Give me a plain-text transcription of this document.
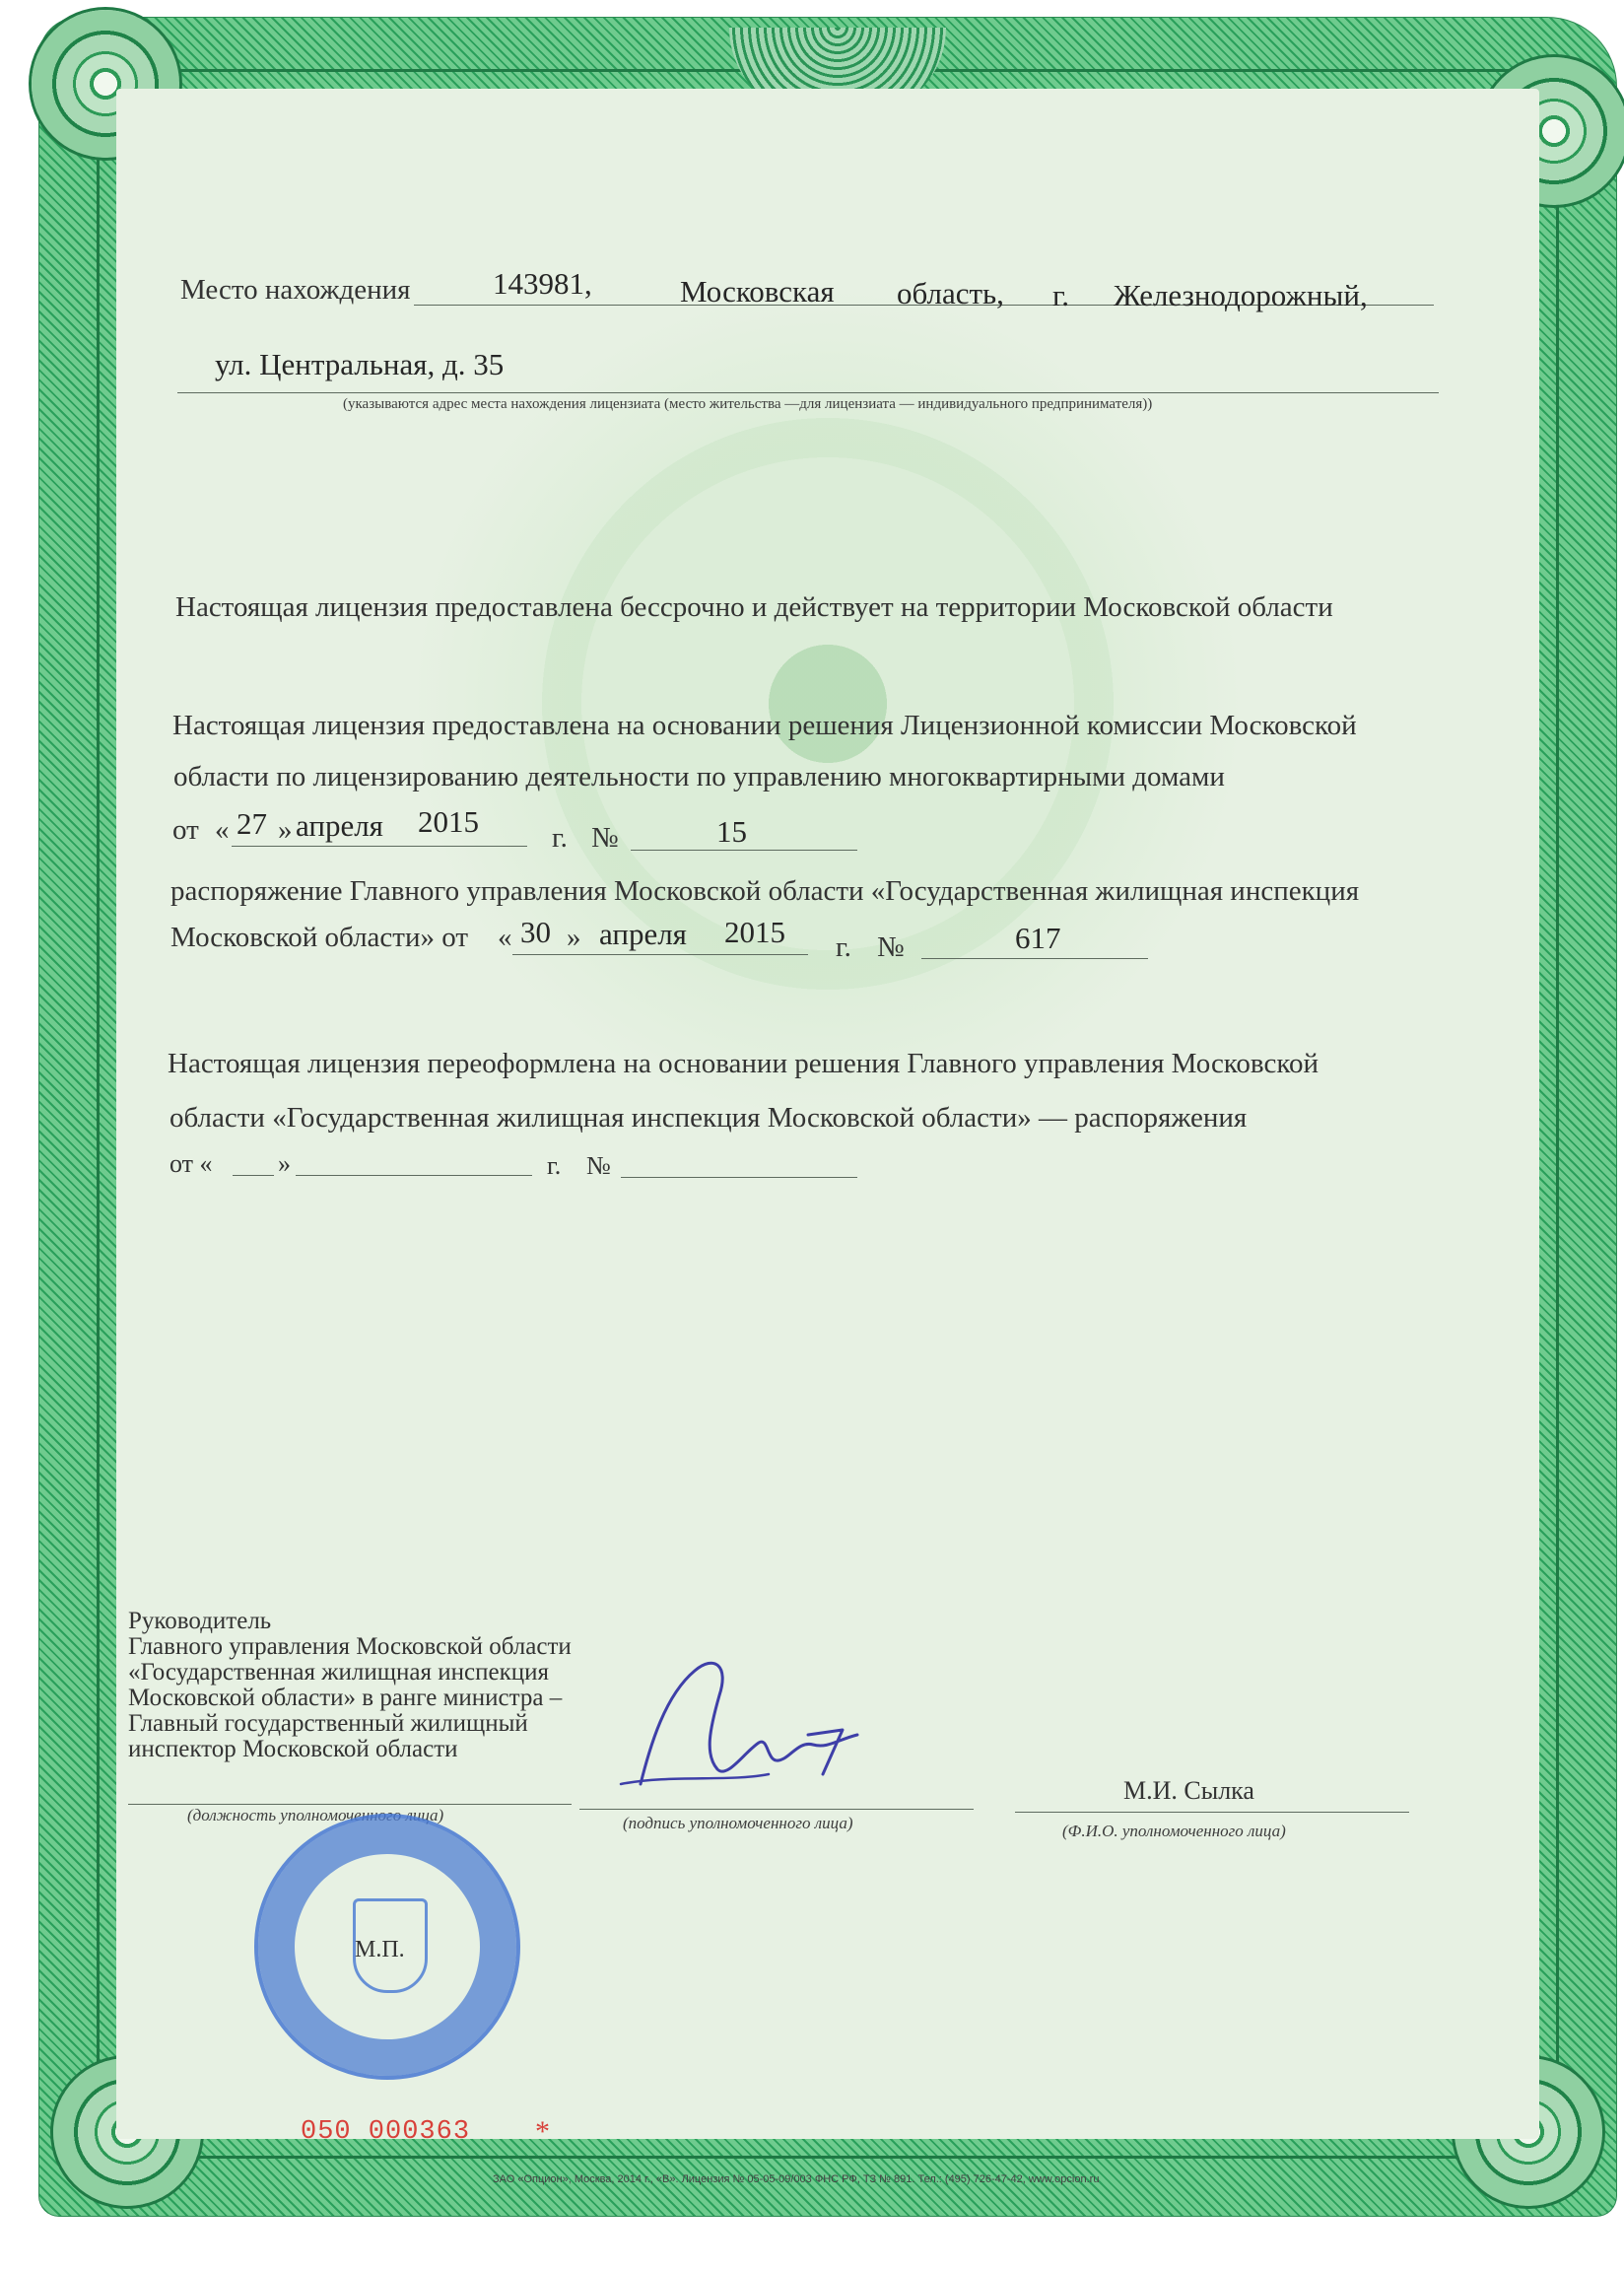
Место нахождения	143981,	Московская область, г. Железнодорожный,
ул. Центральная, д. 35
(указываются адрес места нахождения лицензиата (место жительства —для лицензиата — индивидуального предпринимателя))
Настоящая лицензия предоставлена бессрочно и действует на территории Московской области
Настоящая лицензия предоставлена на основании решения Лицензионной комиссии Московской
области по лицензированию деятельности по управлению многоквартирными домами
от « 27 » апреля 2015	г. №	15
распоряжение Главного управления Московской области «Государственная жилищная инспекция
Московской области» от « 30 » апреля 2015 г. №	617
Настоящая лицензия переоформлена на основании решения Главного управления Московской
области «Государственная жилищная инспекция Московской области» — распоряжения
от «	»	г. №
Руководитель
Главного управления Московской области
«Государственная жилищная инспекция
Московской области» в ранге министра –
Главный государственный жилищный
инспектор Московской области
(должность уполномоченного лица)	(подпись уполномоченного лица)
М.И. Сылка
(Ф.И.О. уполномоченного лица)
М.П.
050 000363 *
ЗАО «Опцион», Москва, 2014 г., «В». Лицензия № 05-05-09/003 ФНС РФ, ТЗ № 891. Тел.: (495) 726-47-42, www.opcion.ru
